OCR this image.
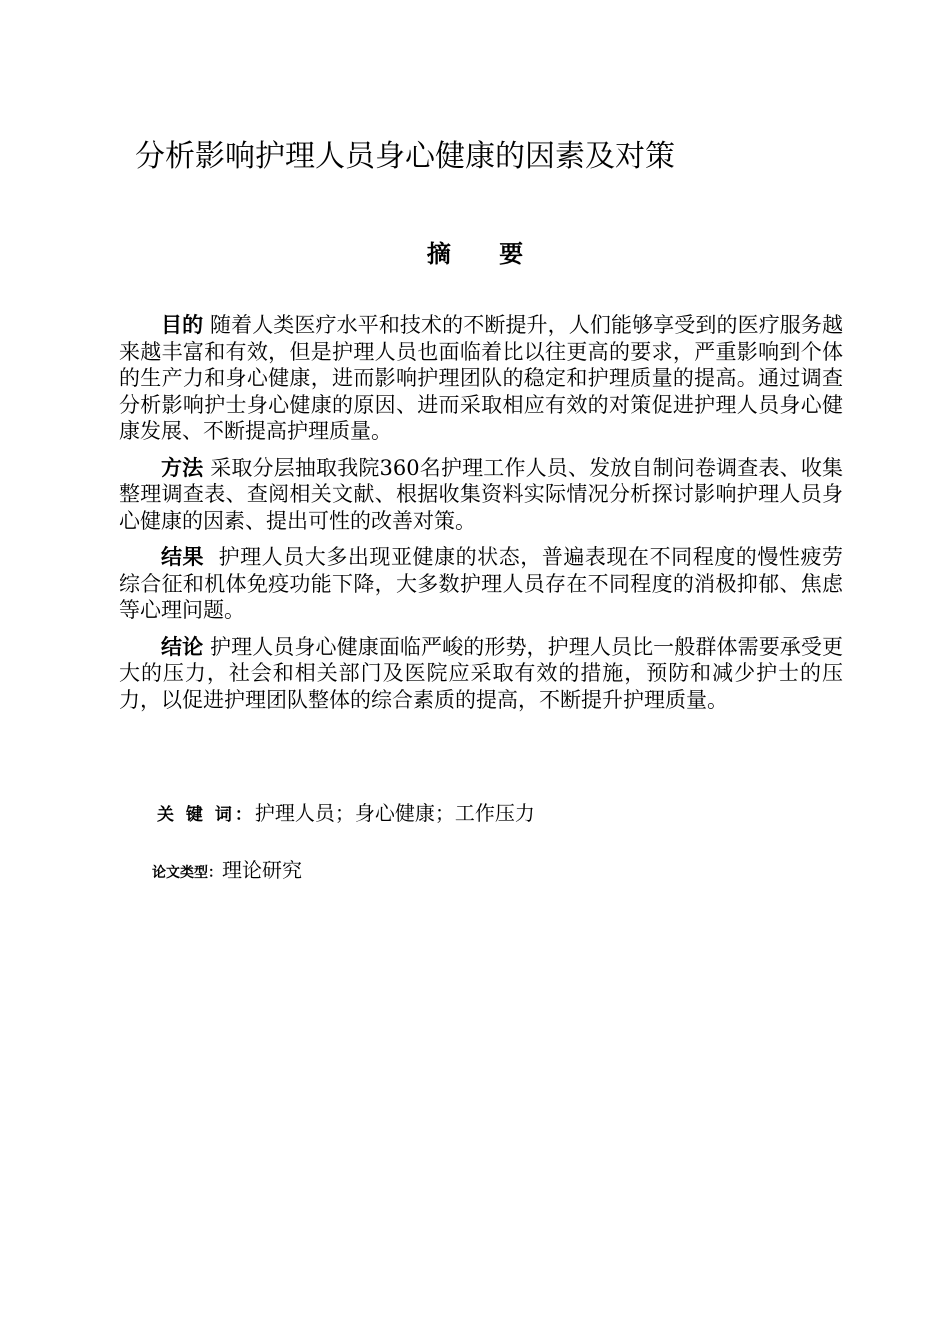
分析影响护理人员身心健康的因素及对策
摘 要

目的 随着人类医疗水平和技术的不断提升，人们能够享受到的医疗服务越来越丰富和有效，但是护理人员也面临着比以往更高的要求，严重影响到个体的生产力和身心健康，进而影响护理团队的稳定和护理质量的提高。通过调查分析影响护士身心健康的原因、进而采取相应有效的对策促进护理人员身心健康发展、不断提高护理质量。

方法 采取分层抽取我院360名护理工作人员、发放自制问卷调查表、收集整理调查表、查阅相关文献、根据收集资料实际情况分析探讨影响护理人员身心健康的因素、提出可性的改善对策。

结果 护理人员大多出现亚健康的状态，普遍表现在不同程度的慢性疲劳综合征和机体免疫功能下降，大多数护理人员存在不同程度的消极抑郁、焦虑等心理问题。

结论 护理人员身心健康面临严峻的形势，护理人员比一般群体需要承受更大的压力，社会和相关部门及医院应采取有效的措施，预防和减少护士的压力，以促进护理团队整体的综合素质的提高，不断提升护理质量。

关 键 词：护理人员；身心健康；工作压力
论文类型：理论研究
